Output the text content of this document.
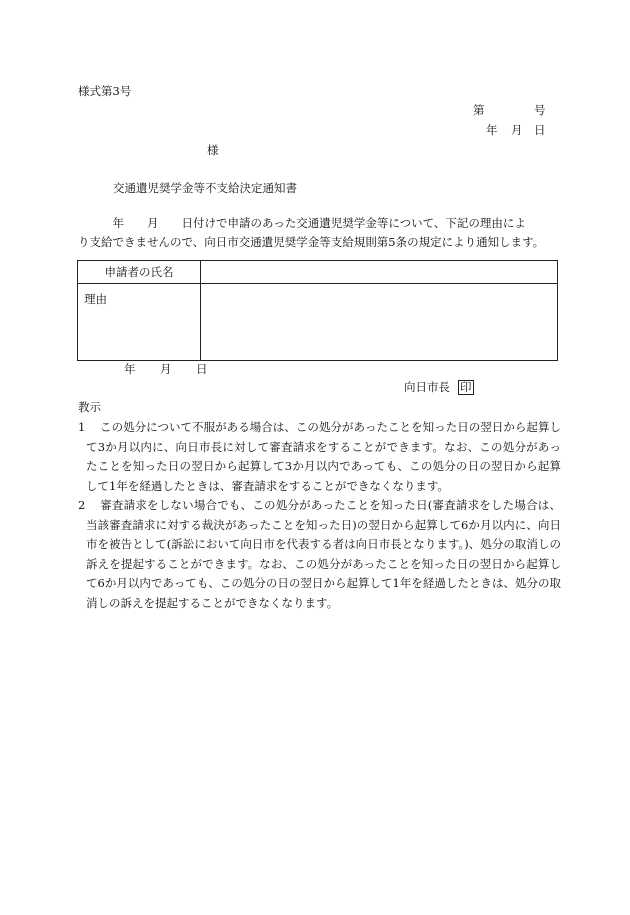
様式第3号
第	号
年 月 日
様
交通遺児奨学金等不支給決定通知書
　　　年　　月　　日付けで申請のあった交通遺児奨学金等について、下記の理由によ
り支給できませんので、向日市交通遺児奨学金等支給規則第5条の規定により通知します。
申請者の氏名	
理由	
年 月 日
向日市長 印
教示
1 この処分について不服がある場合は、この処分があったことを知った日の翌日から起算して3か月以内に、向日市長に対して審査請求をすることができます。なお、この処分があったことを知った日の翌日から起算して3か月以内であっても、この処分の日の翌日から起算して1年を経過したときは、審査請求をすることができなくなります。
2 審査請求をしない場合でも、この処分があったことを知った日(審査請求をした場合は、当該審査請求に対する裁決があったことを知った日)の翌日から起算して6か月以内に、向日市を被告として(訴訟において向日市を代表する者は向日市長となります。)、処分の取消しの訴えを提起することができます。なお、この処分があったことを知った日の翌日から起算して6か月以内であっても、この処分の日の翌日から起算して1年を経過したときは、処分の取消しの訴えを提起することができなくなります。
